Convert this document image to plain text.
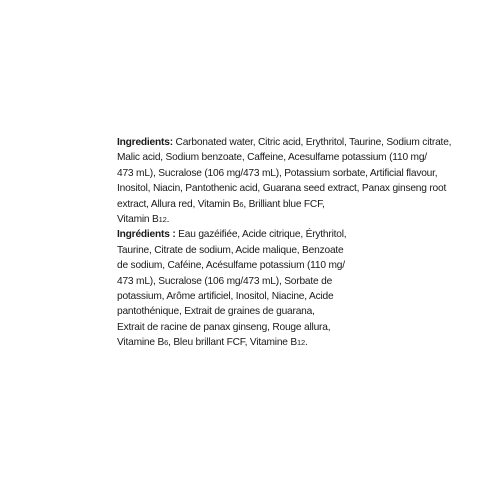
Ingredients: Carbonated water, Citric acid, Erythritol, Taurine, Sodium citrate,
Malic acid, Sodium benzoate, Caffeine, Acesulfame potassium (110 mg/
473 mL), Sucralose (106 mg/473 mL), Potassium sorbate, Artificial flavour,
Inositol, Niacin, Pantothenic acid, Guarana seed extract, Panax ginseng root
extract, Allura red, Vitamin B6, Brilliant blue FCF,
Vitamin B12.
Ingrédients : Eau gazéifiée, Acide citrique, Érythritol,
Taurine, Citrate de sodium, Acide malique, Benzoate
de sodium, Caféine, Acésulfame potassium (110 mg/
473 mL), Sucralose (106 mg/473 mL), Sorbate de
potassium, Arôme artificiel, Inositol, Niacine, Acide
pantothénique, Extrait de graines de guarana,
Extrait de racine de panax ginseng, Rouge allura,
Vitamine B6, Bleu brillant FCF, Vitamine B12.
